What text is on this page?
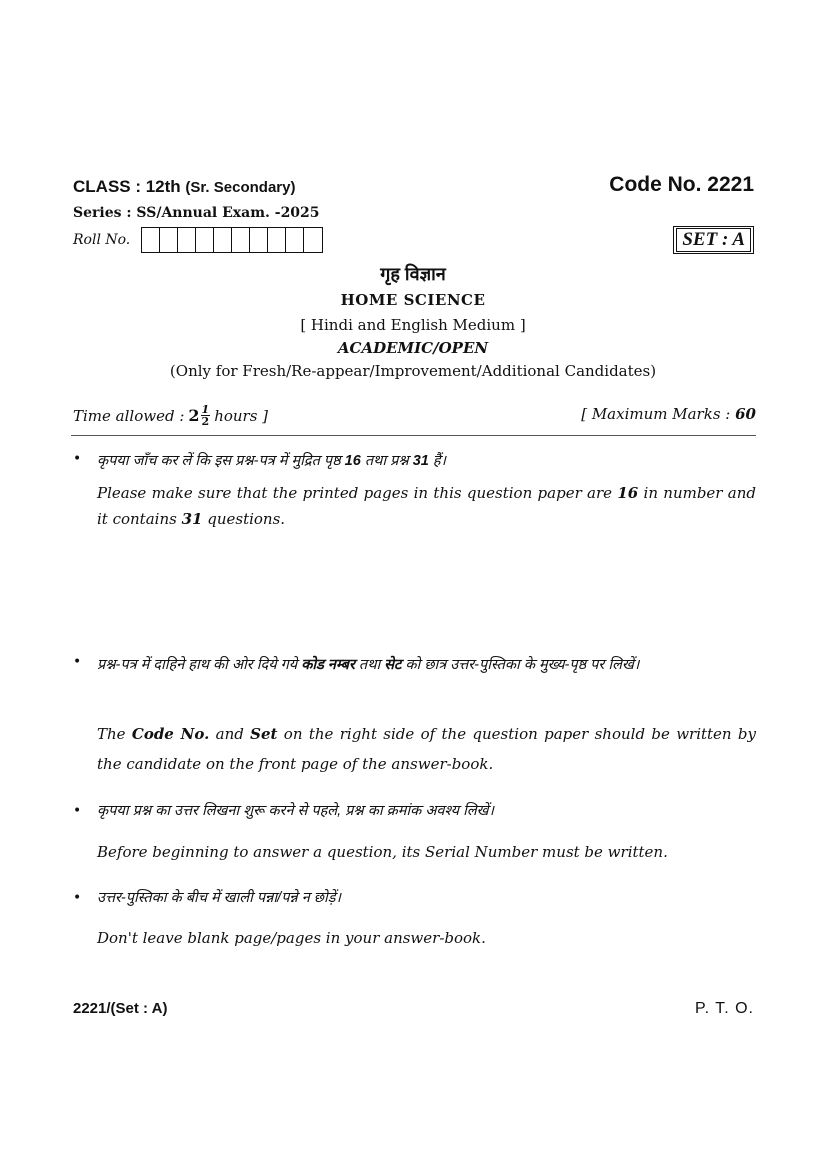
CLASS : 12th (Sr. Secondary)	Code No. 2221
Series : SS/Annual Exam. -2025
Roll No.	SET : A
गृह विज्ञान
HOME SCIENCE
[ Hindi and English Medium ]
ACADEMIC/OPEN
(Only for Fresh/Re-appear/Improvement/Additional Candidates)
Time allowed : $2 \frac{1}{2}$ hours ]	[ Maximum Marks : 60
• कृपया जाँच कर लें कि इस प्रश्न-पत्र में मुद्रित पृष्ठ 16 तथा प्रश्न 31 हैं।
Please make sure that the printed pages in this question paper are 16 in number and it contains 31 questions.
• प्रश्न-पत्र में दाहिने हाथ की ओर दिये गये कोड नम्बर तथा सेट को छात्र उत्तर-पुस्तिका के मुख्य-पृष्ठ पर लिखें।
The Code No. and Set on the right side of the question paper should be written by the candidate on the front page of the answer-book.
• कृपया प्रश्न का उत्तर लिखना शुरू करने से पहले, प्रश्न का क्रमांक अवश्य लिखें।
Before beginning to answer a question, its Serial Number must be written.
• उत्तर-पुस्तिका के बीच में खाली पन्ना/पन्ने न छोड़ें।
Don't leave blank page/pages in your answer-book.
2221/(Set : A)	P. T. O.
